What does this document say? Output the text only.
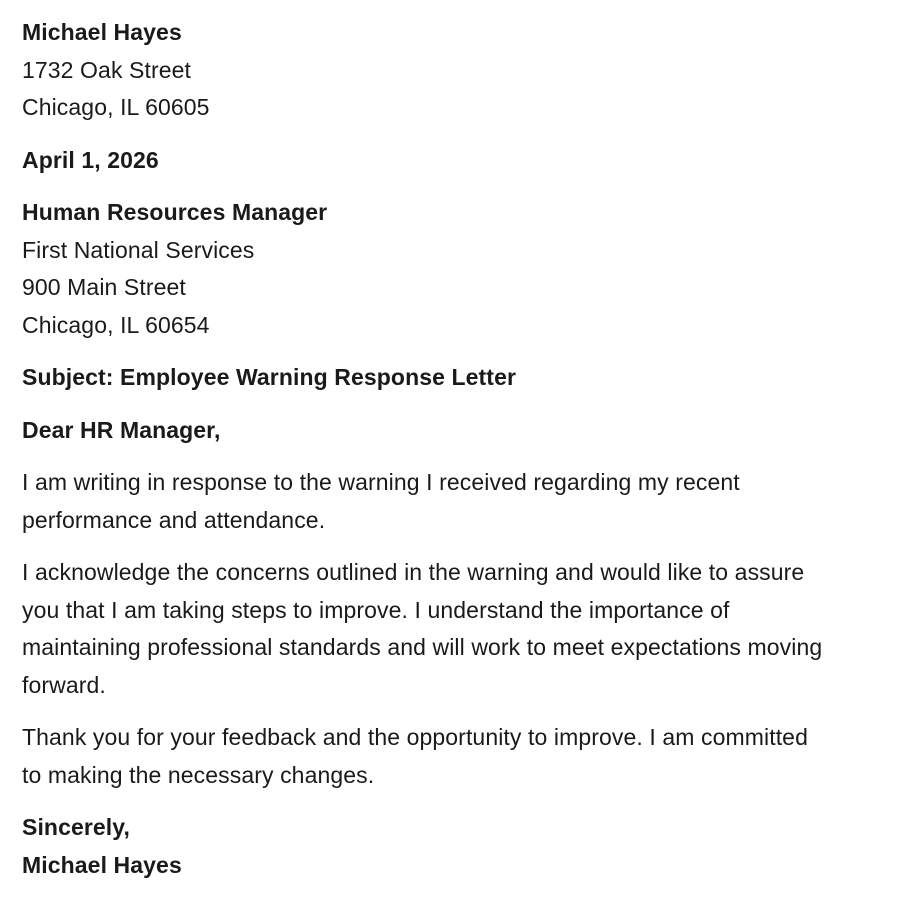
Michael Hayes
1732 Oak Street
Chicago, IL 60605
April 1, 2026
Human Resources Manager
First National Services
900 Main Street
Chicago, IL 60654
Subject: Employee Warning Response Letter
Dear HR Manager,
I am writing in response to the warning I received regarding my recent
performance and attendance.
I acknowledge the concerns outlined in the warning and would like to assure
you that I am taking steps to improve. I understand the importance of
maintaining professional standards and will work to meet expectations moving
forward.
Thank you for your feedback and the opportunity to improve. I am committed
to making the necessary changes.
Sincerely,
Michael Hayes
